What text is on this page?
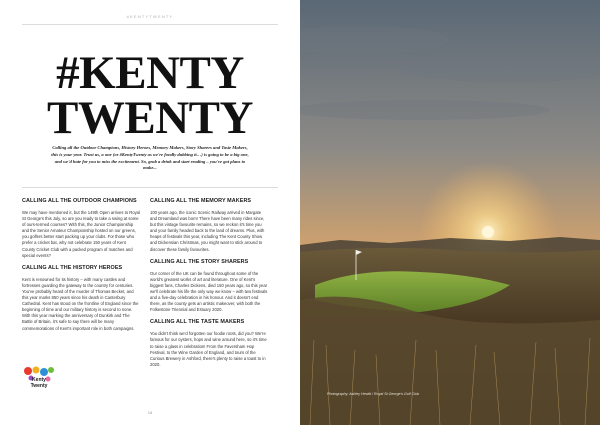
#KENTYTWENTY
#KENTY
TWENTY
Calling all the Outdoor Champions, History Heroes, Memory Makers, Story Sharers and Taste Makers, this is your year. Trust us, a one (or #KentyTwenty as we're fondly dubbing it…) is going to be a big one, and we'd hate for you to miss the excitement. So, grab a drink and start reading – you've got plans to make...
CALLING ALL THE OUTDOOR CHAMPIONS

We may have mentioned it, but the 149th Open arrives to Royal St George's this July, so are you ready to take a swing at some of ours-termed courses? With this, the Junior Championship and the Senior Amateur Championship hosted on our greens, you golfers better start packing up your clubs. For those who prefer a cricket bat, why not celebrate 150 years of Kent County Cricket Club with a packed program of matches and special events?

CALLING ALL THE HISTORY HEROES

Kent is renowned for its history – with many castles and fortresses guarding the gateway to the country for centuries. You've probably heard of the murder of Thomas Becket, and this year marks 850 years since his death in Canterbury Cathedral. Kent has stood on the frontline of England since the beginning of time and our military history is second to none. With this year marking the anniversary of Dunkirk and The Battle of Britain, it's safe to say there will be many commemorations of Kent's important role in both campaigns.

CALLING ALL THE MEMORY MAKERS

100 years ago, the iconic Scenic Railway arrived in Margate and Dreamland was born! There have been many rides since, but this vintage favourite remains, so we reckon it's time you and your family headed back to the land of dreams. Plus, with heaps of festivals this year, including The Kent County Show and Dickensian Christmas, you might want to stick around to discover these family favourites.

CALLING ALL THE STORY SHARERS

Our corner of the UK can be found throughout some of the world's greatest works of art and literature. One of Kent's biggest fans, Charles Dickens, died 150 years ago, so this year we'll celebrate his life the only way we know – with two festivals and a five-day celebration in his honour. And it doesn't end there, as the county gets an artistic makeover, with both the Folkestone Triennial and Estuary 2020.

CALLING ALL THE TASTE MAKERS

You didn't think we'd forgotten our foodie roots, did you? We're famous for our oysters, hops and wine around here, so it's time to raise a glass in celebration! From the Faversham Hop Festival, to the Wine Garden of England, and tours of the Curious Brewery in Ashford, there's plenty to raise a toast to in 2020.

Kenty
Twenty
18
Photography: Ashley Hewitt / Royal St George's Golf Club
